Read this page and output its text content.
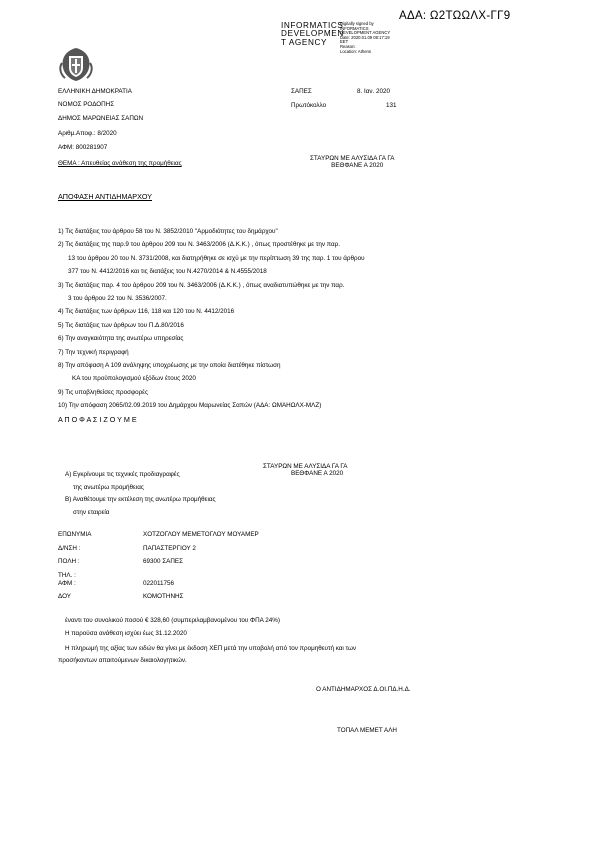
ΑΔΑ: Ω2ΤΩΩΛΧ-ΓΓ9
INFORMATICS
DEVELOPMEN
T AGENCY
Digitally signed by
INFORMATICS
DEVELOPMENT AGENCY
Date: 2020.01.09 08:17:19
EET
Reason:
Location: Athens
ΕΛΛΗΝΙΚΗ ΔΗΜΟΚΡΑΤΙΑ
ΝΟΜΟΣ ΡΟΔΟΠΗΣ
ΔΗΜΟΣ ΜΑΡΩΝΕΙΑΣ ΣΑΠΩΝ
Αριθμ.Αποφ.: 8/2020
ΑΦΜ: 800281907
ΘΕΜΑ : Απευθείας ανάθεση της προμήθειας
ΣΑΠΕΣ	8. Ιαν. 2020
Πρωτόκολλο	131
ΣΤΑΥΡΩΝ ΜΕ ΑΛΥΣΙΔΑ ΓΑ ΓΑ
ΒΕΘΦΑΝΕ Α 2020
ΑΠΟΦΑΣΗ ΑΝΤΙΔΗΜΑΡΧΟΥ
1) Τις διατάξεις του άρθρου 58 του Ν. 3852/2010 "Αρμοδιότητες του δημάρχου"
2) Τις διατάξεις της παρ.9 του άρθρου 209 του Ν. 3463/2006 (Δ.Κ.Κ.) , όπως προστέθηκε με την παρ.
13 του άρθρου 20 του Ν. 3731/2008, και διατηρήθηκε σε ισχύ με την περίπτωση 39 της παρ. 1 του άρθρου
377 του Ν. 4412/2016 και τις διατάξεις του Ν.4270/2014 & Ν.4555/2018
3) Τις διατάξεις παρ. 4 του άρθρου 209 του Ν. 3463/2006 (Δ.Κ.Κ.) , όπως αναδιατυπώθηκε με την παρ.
3 του άρθρου 22 του Ν. 3536/2007.
4) Τις διατάξεις των άρθρων 116, 118 και 120 του Ν. 4412/2016
5) Τις διατάξεις των άρθρων του Π.Δ.80/2016
6) Την αναγκαιότητα της ανωτέρω υπηρεσίας
7) Την τεχνική περιγραφή
8) Την απόφαση Α 109 ανάληψης υποχρέωσης με την οποία διατέθηκε πίστωση
ΚΑ του προϋπολογισμού εξόδων έτους 2020
9) Τις υποβληθείσες προσφορές
10) Την απόφαση 2065/02.09.2019 του Δημάρχου Μαρωνείας Σαπών (ΑΔΑ: ΩΜΑΗΩΛΧ-ΜΛΖ)
Α Π Ο Φ Α Σ Ι Ζ Ο Υ Μ Ε
ΣΤΑΥΡΩΝ ΜΕ ΑΛΥΣΙΔΑ ΓΑ ΓΑ
ΒΕΘΦΑΝΕ Α 2020
Α) Εγκρίνουμε τις τεχνικές προδιαγραφές
της ανωτέρω προμήθειας
Β) Αναθέτουμε την εκτέλεση της ανωτέρω προμήθειας
στην εταιρεία
ΕΠΩΝΥΜΙΑ	ΧΟΤΖΟΓΛΟΥ ΜΕΜΕΤΟΓΛΟΥ ΜΟΥΑΜΕΡ
Δ/ΝΣΗ :	ΠΑΠΑΣΤΕΡΓΙΟΥ 2
ΠΟΛΗ :	69300 ΣΑΠΕΣ
ΤΗΛ. :
ΑΦΜ :	022011756
ΔΟΥ	ΚΟΜΟΤΗΝΗΣ
έναντι του συνολικού ποσού € 328,60 (συμπεριλαμβανομένου του ΦΠΑ 24%)
Η παρούσα ανάθεση ισχύει έως 31.12.2020
Η πληρωμή της αξίας των ειδών θα γίνει με έκδοση ΧΕΠ μετά την υποβολή από τον προμηθευτή και των
προσήκοντων απαιτούμενων δικαιολογητικών.
Ο ΑΝΤΙΔΗΜΑΡΧΟΣ Δ.ΟΙ.ΠΔ.Η.Δ.
ΤΟΠΑΛ ΜΕΜΕΤ ΑΛΗ
